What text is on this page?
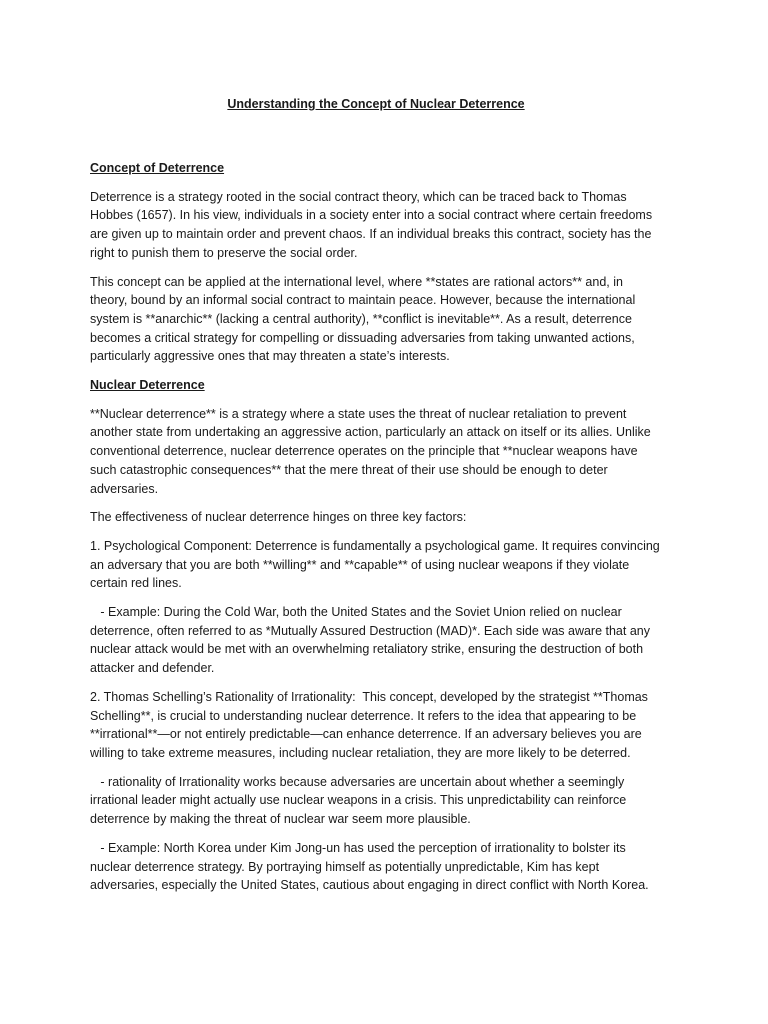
Understanding the Concept of Nuclear Deterrence
Concept of Deterrence
Deterrence is a strategy rooted in the social contract theory, which can be traced back to Thomas Hobbes (1657). In his view, individuals in a society enter into a social contract where certain freedoms are given up to maintain order and prevent chaos. If an individual breaks this contract, society has the right to punish them to preserve the social order.
This concept can be applied at the international level, where **states are rational actors** and, in theory, bound by an informal social contract to maintain peace. However, because the international system is **anarchic** (lacking a central authority), **conflict is inevitable**. As a result, deterrence becomes a critical strategy for compelling or dissuading adversaries from taking unwanted actions, particularly aggressive ones that may threaten a state’s interests.
Nuclear Deterrence
**Nuclear deterrence** is a strategy where a state uses the threat of nuclear retaliation to prevent another state from undertaking an aggressive action, particularly an attack on itself or its allies. Unlike conventional deterrence, nuclear deterrence operates on the principle that **nuclear weapons have such catastrophic consequences** that the mere threat of their use should be enough to deter adversaries.
The effectiveness of nuclear deterrence hinges on three key factors:
1. Psychological Component: Deterrence is fundamentally a psychological game. It requires convincing an adversary that you are both **willing** and **capable** of using nuclear weapons if they violate certain red lines.
- Example: During the Cold War, both the United States and the Soviet Union relied on nuclear deterrence, often referred to as *Mutually Assured Destruction (MAD)*. Each side was aware that any nuclear attack would be met with an overwhelming retaliatory strike, ensuring the destruction of both attacker and defender.
2. Thomas Schelling’s Rationality of Irrationality:  This concept, developed by the strategist **Thomas Schelling**, is crucial to understanding nuclear deterrence. It refers to the idea that appearing to be **irrational**—or not entirely predictable—can enhance deterrence. If an adversary believes you are willing to take extreme measures, including nuclear retaliation, they are more likely to be deterred.
- rationality of Irrationality works because adversaries are uncertain about whether a seemingly irrational leader might actually use nuclear weapons in a crisis. This unpredictability can reinforce deterrence by making the threat of nuclear war seem more plausible.
- Example: North Korea under Kim Jong-un has used the perception of irrationality to bolster its nuclear deterrence strategy. By portraying himself as potentially unpredictable, Kim has kept adversaries, especially the United States, cautious about engaging in direct conflict with North Korea.
